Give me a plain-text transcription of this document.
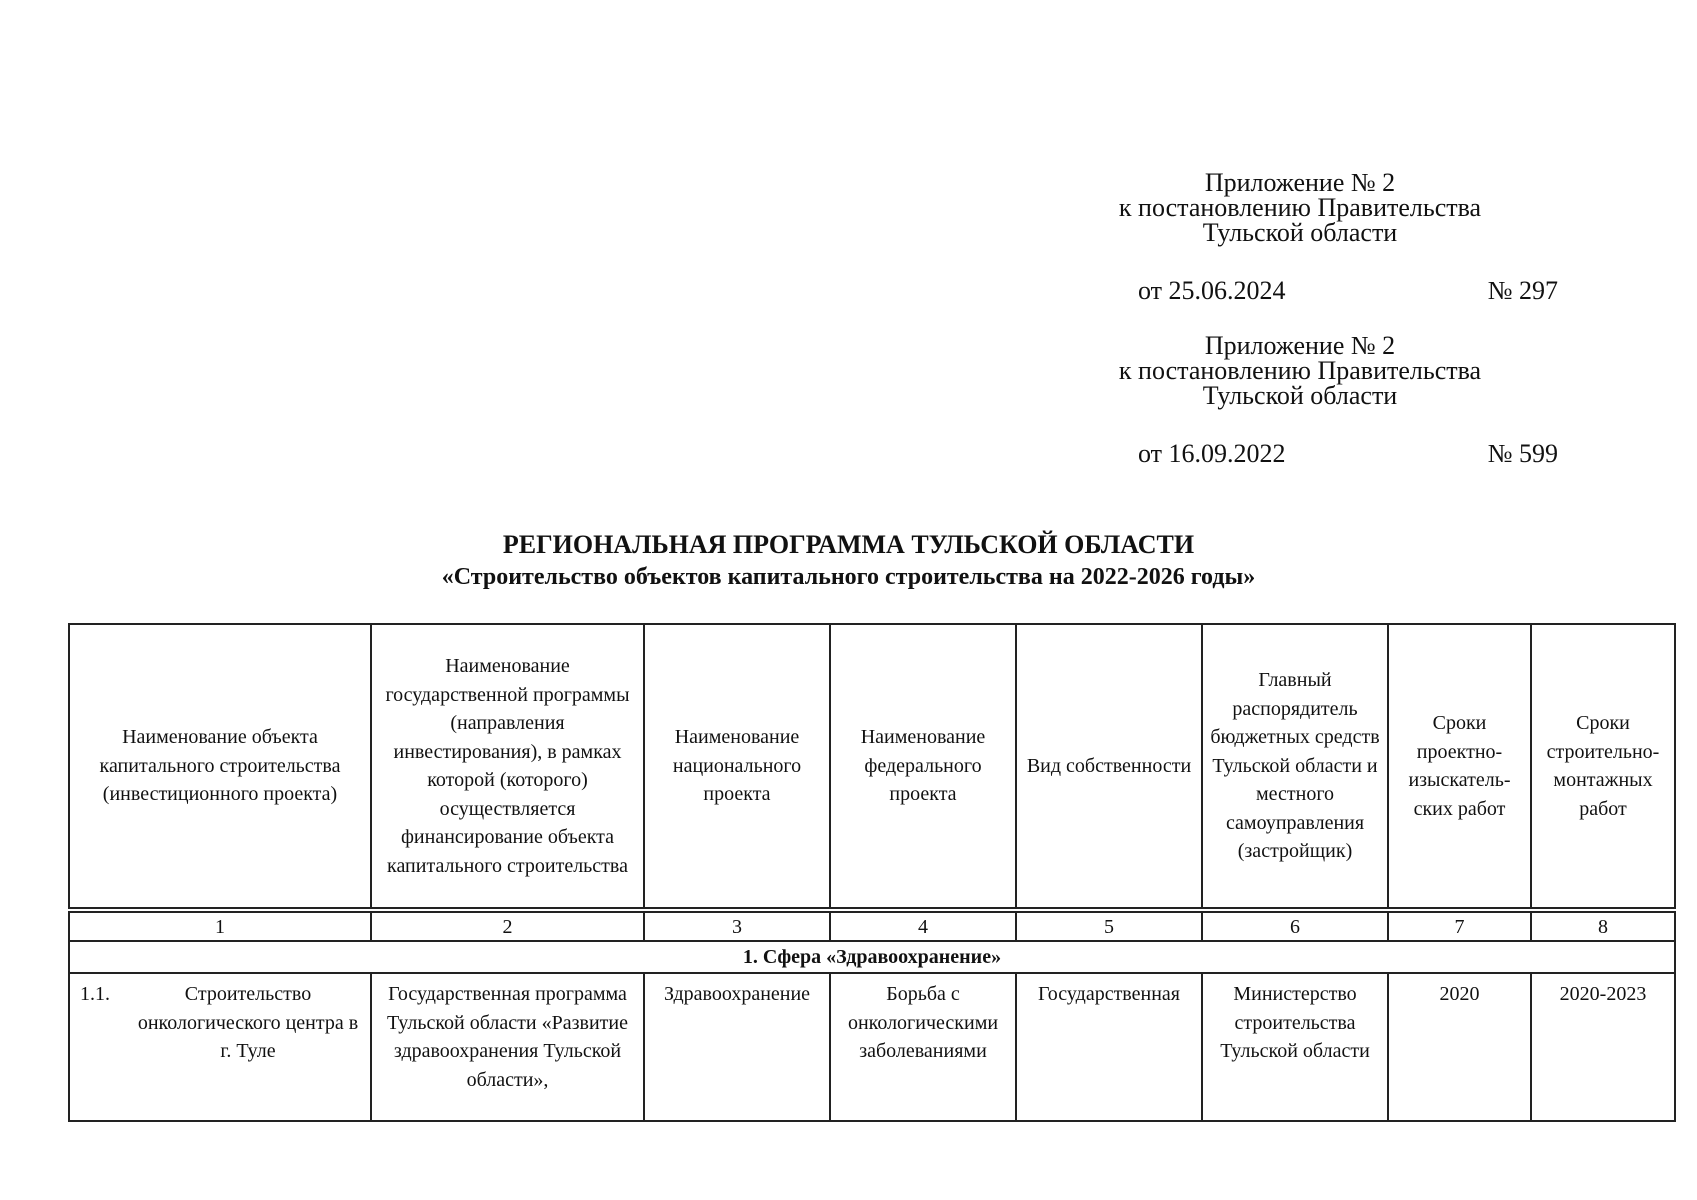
Приложение № 2
к постановлению Правительства
Тульской области
от 25.06.2024	№ 297
Приложение № 2
к постановлению Правительства
Тульской области
от 16.09.2022	№ 599
РЕГИОНАЛЬНАЯ ПРОГРАММА ТУЛЬСКОЙ ОБЛАСТИ
«Строительство объектов капитального строительства на 2022-2026 годы»
Наименование объекта капитального строительства (инвестиционного проекта)	Наименование государственной программы (направления инвестирования), в рамках которой (которого) осуществляется финансирование объекта капитального строительства	Наименование национального проекта	Наименование федерального проекта	Вид собственности	Главный распорядитель бюджетных средств Тульской области и местного самоуправления (застройщик)	Сроки проектно-изыскатель-ских работ	Сроки строительно-монтажных работ
1	2	3	4	5	6	7	8
1. Сфера «Здравоохранение»							

1.1. Строительство онкологического центра в г. Туле	Государственная программа Тульской области «Развитие здравоохранения Тульской области»,	Здравоохранение	Борьба с онкологическими заболеваниями	Государственная	Министерство строительства Тульской области	2020	2020-2023
